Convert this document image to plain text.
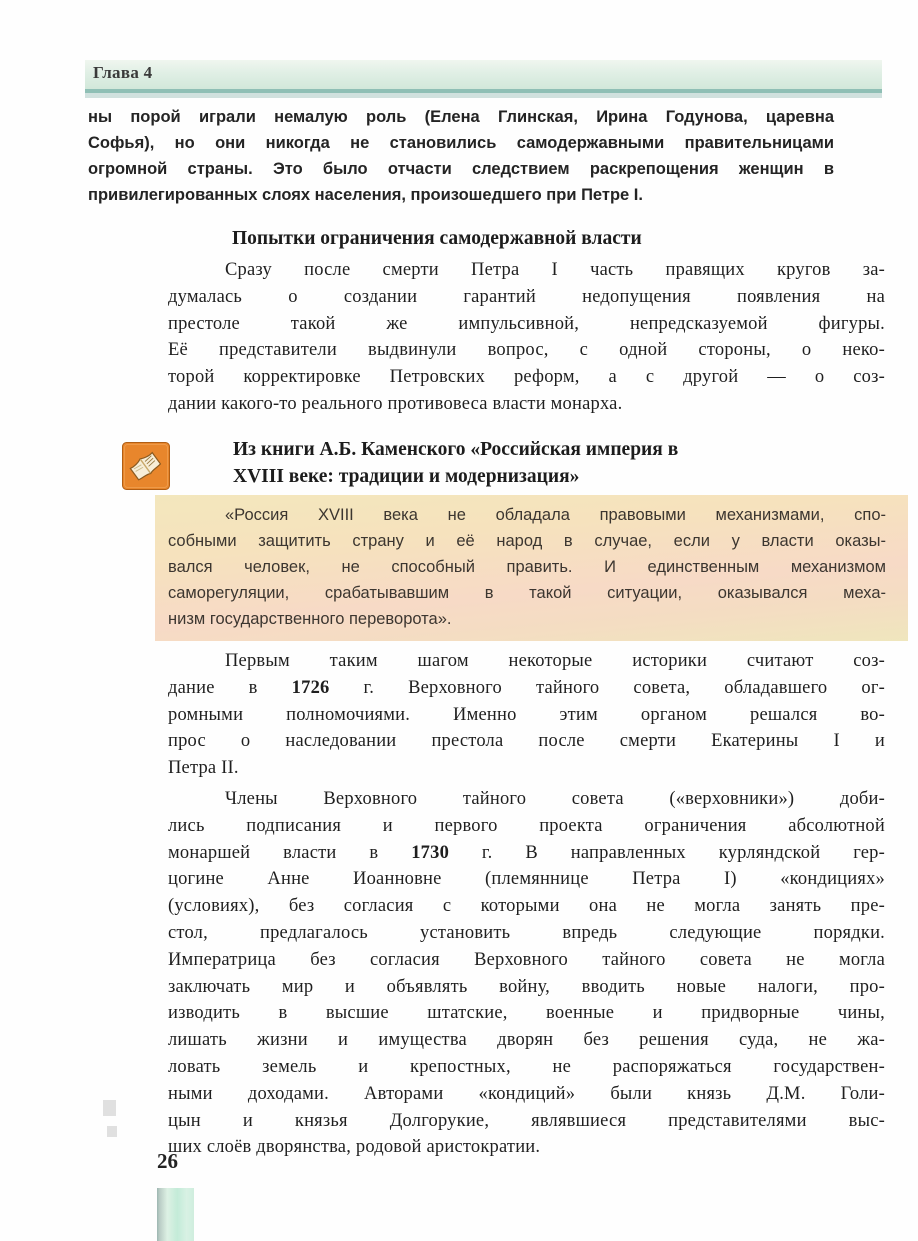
Глава 4
ны порой играли немалую роль (Елена Глинская, Ирина Годунова, царевна
Софья), но они никогда не становились самодержавными правительницами
огромной страны. Это было отчасти следствием раскрепощения женщин в
привилегированных слоях населения, произошедшего при Петре I.
Попытки ограничения самодержавной власти
Сразу после смерти Петра I часть правящих кругов за-
думалась о создании гарантий недопущения появления на
престоле такой же импульсивной, непредсказуемой фигуры.
Её представители выдвинули вопрос, с одной стороны, о неко-
торой корректировке Петровских реформ, а с другой — о соз-
дании какого-то реального противовеса власти монарха.
Из книги А.Б. Каменского «Российская империя в
XVIII веке: традиции и модернизация»
«Россия XVIII века не обладала правовыми механизмами, спо-
собными защитить страну и её народ в случае, если у власти оказы-
вался человек, не способный править. И единственным механизмом
саморегуляции, срабатывавшим в такой ситуации, оказывался меха-
низм государственного переворота».
Первым таким шагом некоторые историки считают соз-
дание в 1726 г. Верховного тайного совета, обладавшего ог-
ромными полномочиями. Именно этим органом решался во-
прос о наследовании престола после смерти Екатерины I и
Петра II.
Члены Верховного тайного совета («верховники») доби-
лись подписания и первого проекта ограничения абсолютной
монаршей власти в 1730 г. В направленных курляндской гер-
цогине Анне Иоанновне (племяннице Петра I) «кондициях»
(условиях), без согласия с которыми она не могла занять пре-
стол, предлагалось установить впредь следующие порядки.
Императрица без согласия Верховного тайного совета не могла
заключать мир и объявлять войну, вводить новые налоги, про-
изводить в высшие штатские, военные и придворные чины,
лишать жизни и имущества дворян без решения суда, не жа-
ловать земель и крепостных, не распоряжаться государствен-
ными доходами. Авторами «кондиций» были князь Д.М. Голи-
цын и князья Долгорукие, являвшиеся представителями выс-
ших слоёв дворянства, родовой аристократии.
26
